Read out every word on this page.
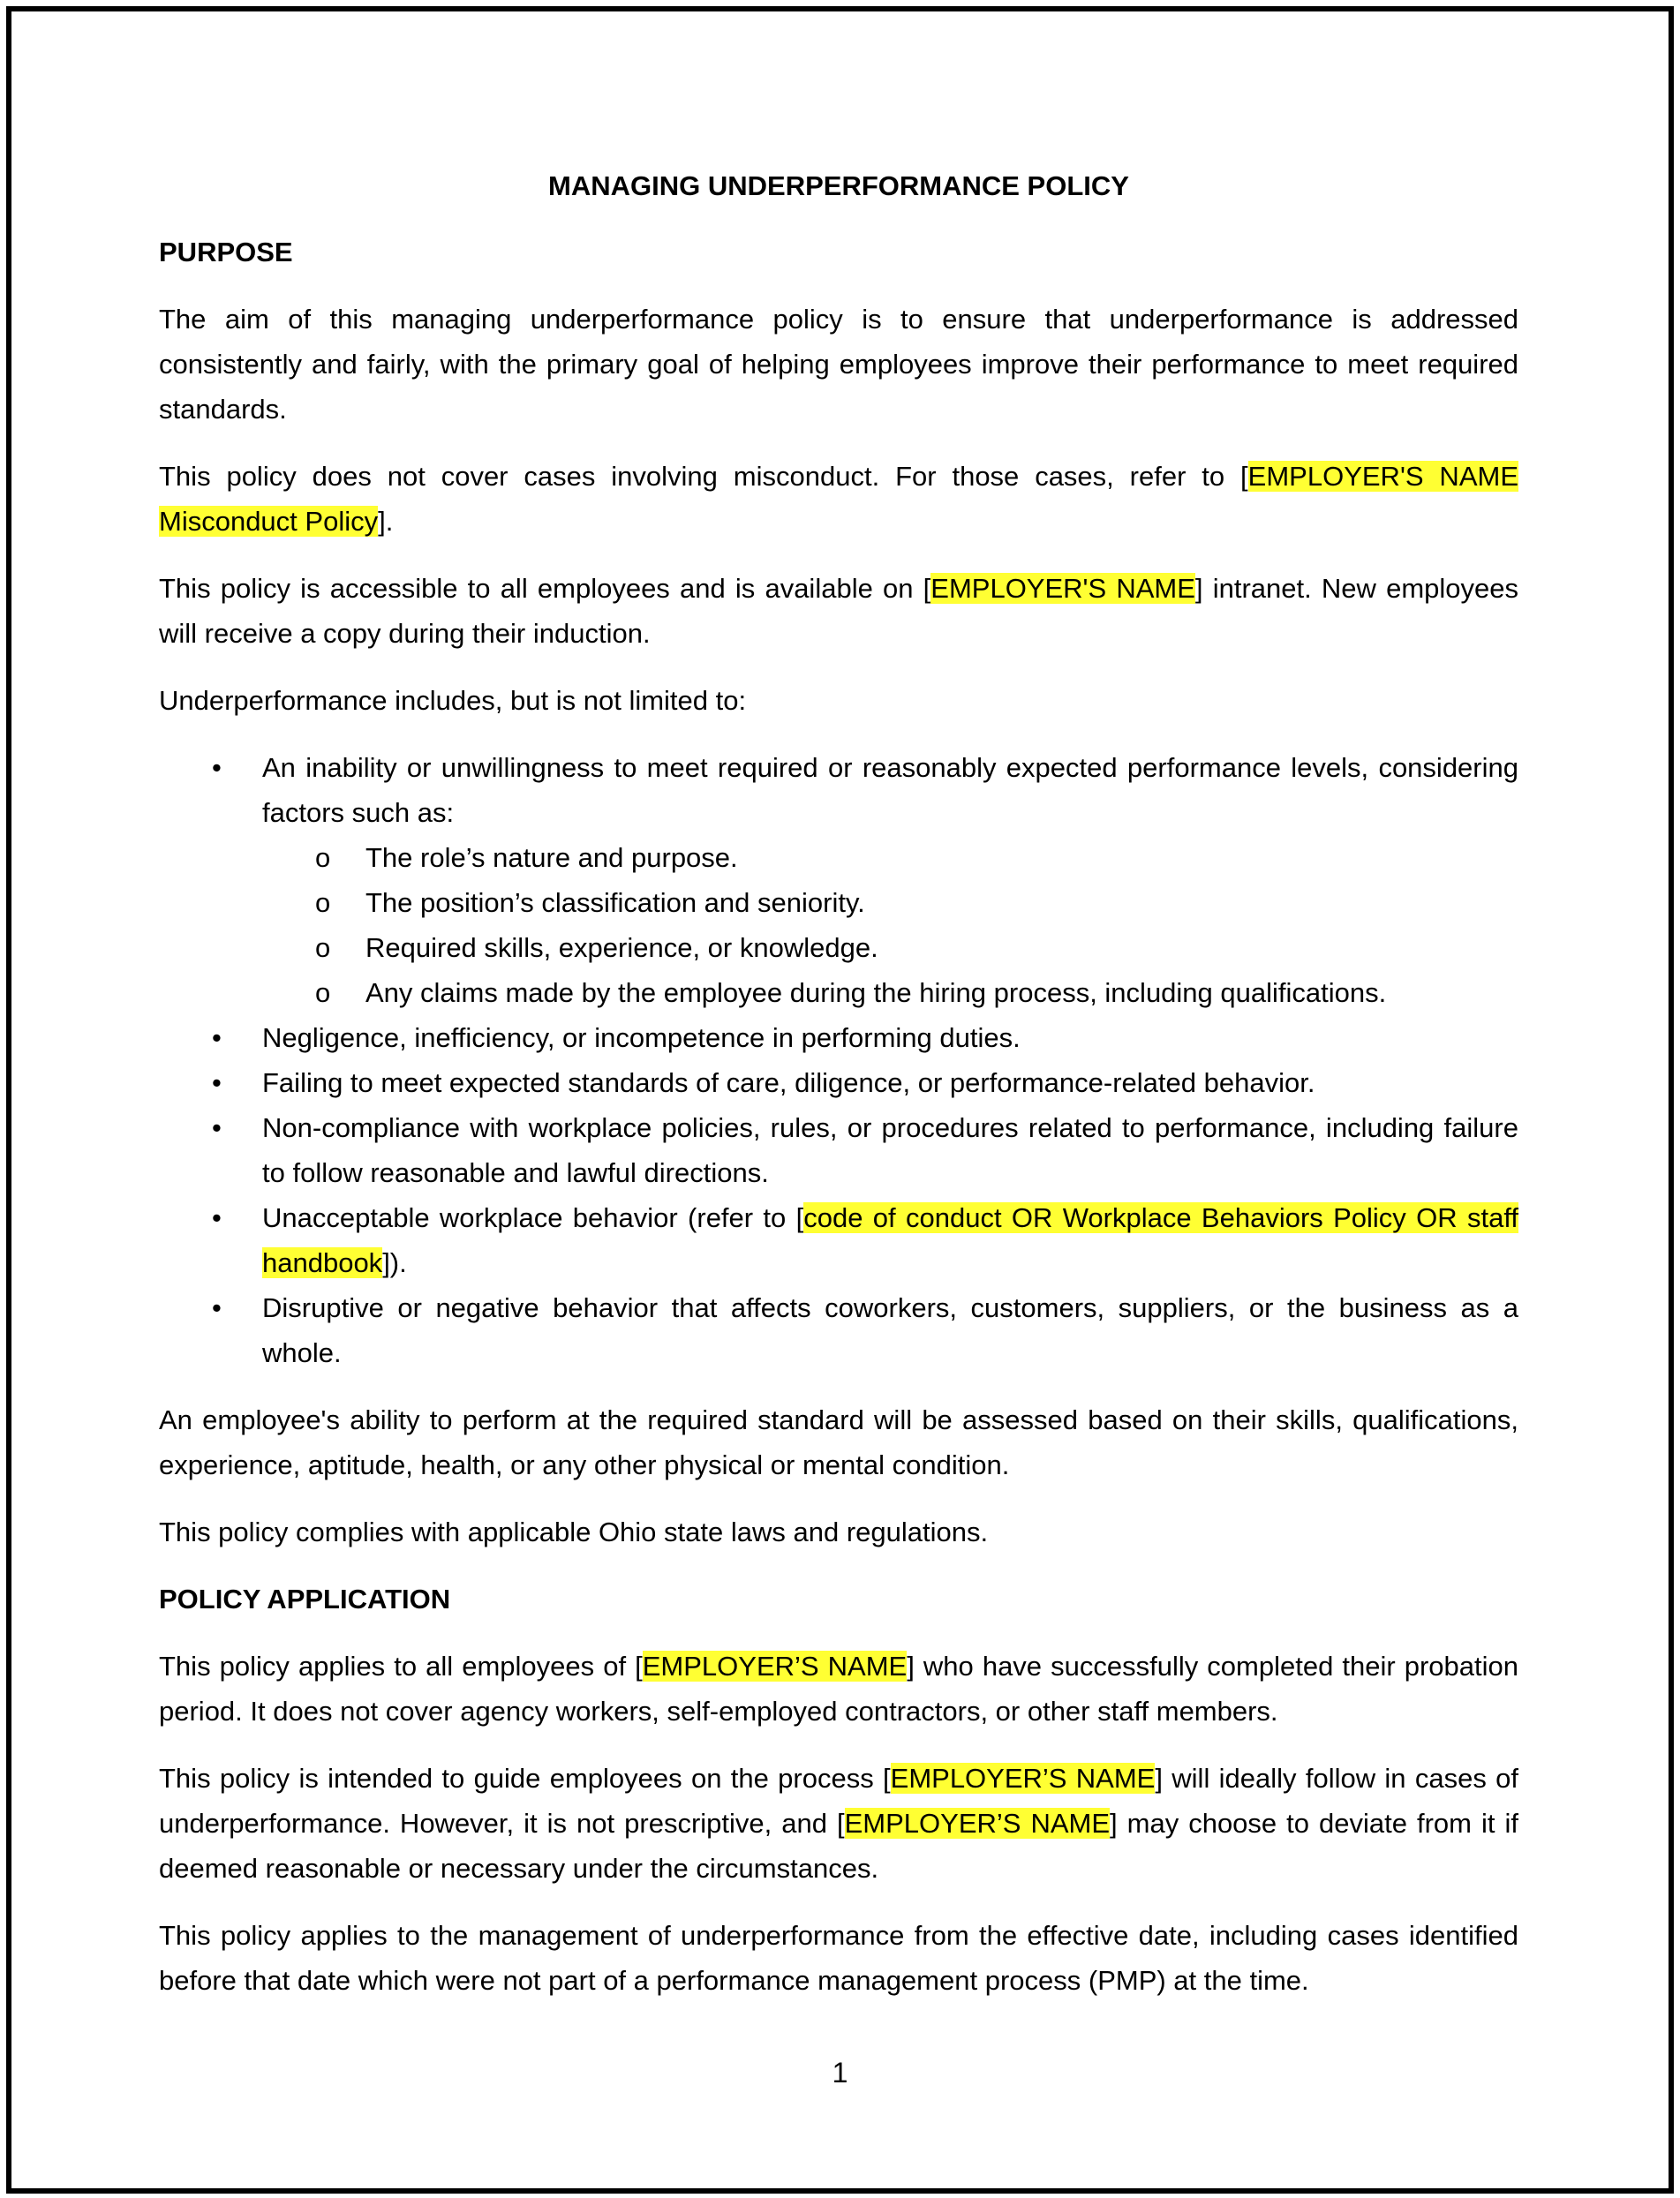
MANAGING UNDERPERFORMANCE POLICY
PURPOSE

The aim of this managing underperformance policy is to ensure that underperformance is addressed consistently and fairly, with the primary goal of helping employees improve their performance to meet required standards.

This policy does not cover cases involving misconduct. For those cases, refer to [EMPLOYER'S NAME Misconduct Policy].

This policy is accessible to all employees and is available on [EMPLOYER'S NAME] intranet. New employees will receive a copy during their induction.

Underperformance includes, but is not limited to:

• An inability or unwillingness to meet required or reasonably expected performance levels, considering factors such as:
o The role’s nature and purpose.
o The position’s classification and seniority.
o Required skills, experience, or knowledge.
o Any claims made by the employee during the hiring process, including qualifications.
• Negligence, inefficiency, or incompetence in performing duties.
• Failing to meet expected standards of care, diligence, or performance-related behavior.
• Non-compliance with workplace policies, rules, or procedures related to performance, including failure to follow reasonable and lawful directions.
• Unacceptable workplace behavior (refer to [code of conduct OR Workplace Behaviors Policy OR staff handbook]).
• Disruptive or negative behavior that affects coworkers, customers, suppliers, or the business as a whole.

An employee's ability to perform at the required standard will be assessed based on their skills, qualifications, experience, aptitude, health, or any other physical or mental condition.

This policy complies with applicable Ohio state laws and regulations.

POLICY APPLICATION

This policy applies to all employees of [EMPLOYER’S NAME] who have successfully completed their probation period. It does not cover agency workers, self-employed contractors, or other staff members.

This policy is intended to guide employees on the process [EMPLOYER’S NAME] will ideally follow in cases of underperformance. However, it is not prescriptive, and [EMPLOYER’S NAME] may choose to deviate from it if deemed reasonable or necessary under the circumstances.

This policy applies to the management of underperformance from the effective date, including cases identified before that date which were not part of a performance management process (PMP) at the time.

1
